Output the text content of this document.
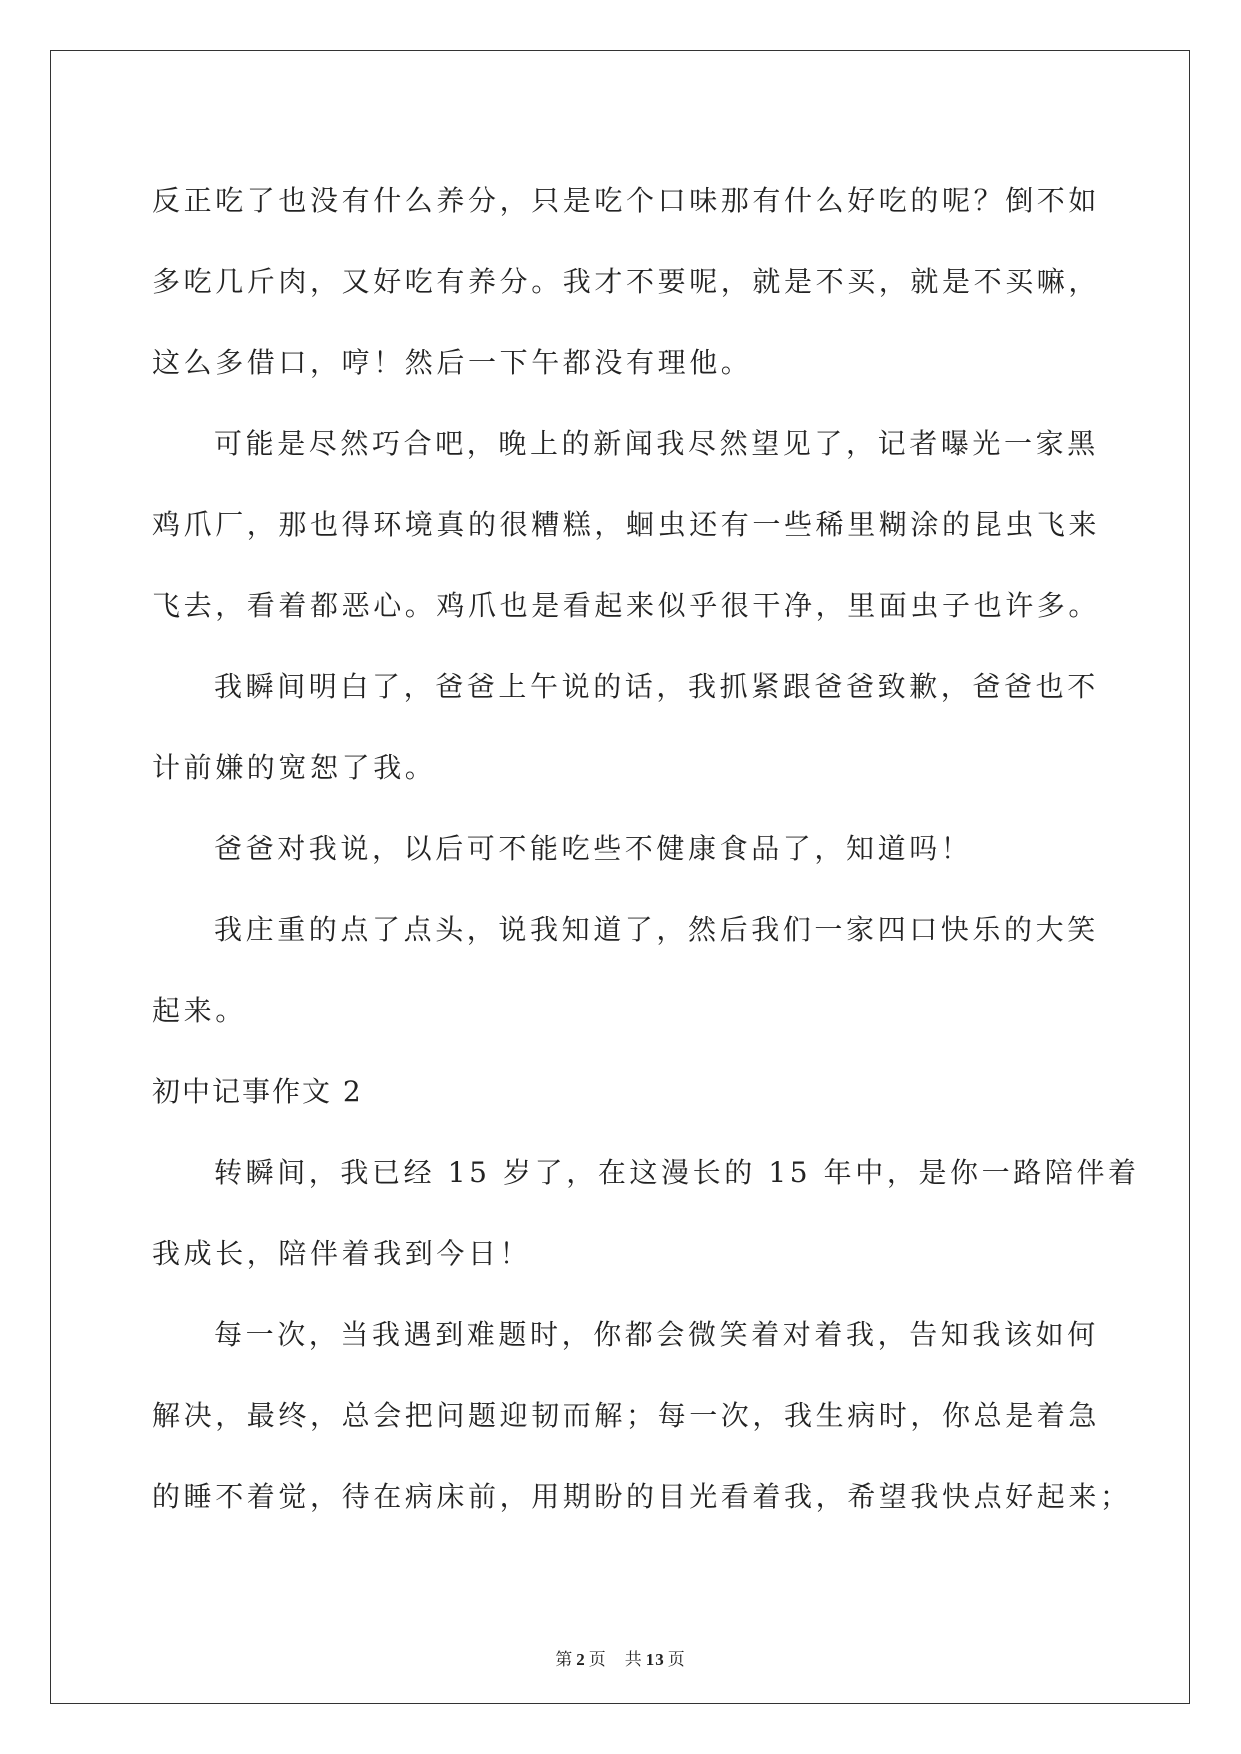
反正吃了也没有什么养分，只是吃个口味那有什么好吃的呢？倒不如
多吃几斤肉，又好吃有养分。我才不要呢，就是不买，就是不买嘛，
这么多借口，哼！然后一下午都没有理他。
可能是尽然巧合吧，晚上的新闻我尽然望见了，记者曝光一家黑
鸡爪厂，那也得环境真的很糟糕，蛔虫还有一些稀里糊涂的昆虫飞来
飞去，看着都恶心。鸡爪也是看起来似乎很干净，里面虫子也许多。
我瞬间明白了，爸爸上午说的话，我抓紧跟爸爸致歉，爸爸也不
计前嫌的宽恕了我。
爸爸对我说，以后可不能吃些不健康食品了，知道吗！
我庄重的点了点头，说我知道了，然后我们一家四口快乐的大笑
起来。
初中记事作文 2
转瞬间，我已经 15 岁了，在这漫长的 15 年中，是你一路陪伴着
我成长，陪伴着我到今日！
每一次，当我遇到难题时，你都会微笑着对着我，告知我该如何
解决，最终，总会把问题迎韧而解；每一次，我生病时，你总是着急
的睡不着觉，待在病床前，用期盼的目光看着我，希望我快点好起来；
第 2 页 共 13 页
